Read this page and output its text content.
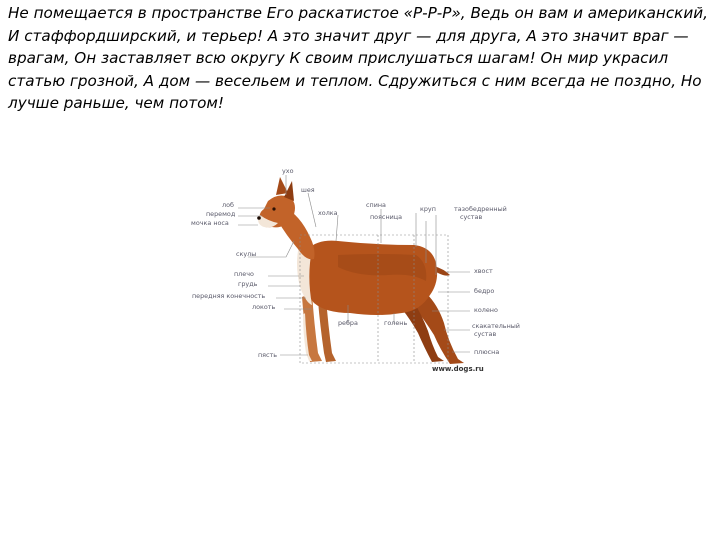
Не помещается в пространстве Его раскатистое «Р-Р-Р», Ведь он вам и американский,
И стаффордширский, и терьер! А это значит друг — для друга, А это значит враг —
врагам, Он заставляет всю округу К своим прислушаться шагам! Он мир украсил
статью грозной, А дом — весельем и теплом. Сдружиться с ним всегда не поздно, Но
лучше раньше, чем потом!
ухо
шея
холка
спина	круп
лоб
перемод
мочка носа
поясница
тазобедренный
сустав
скулы
плечо
грудь
передняя конечность
локоть
ребра	голень
хвост
бедро
колено
скакательный
сустав
пясть	плюсна
www.dogs.ru
